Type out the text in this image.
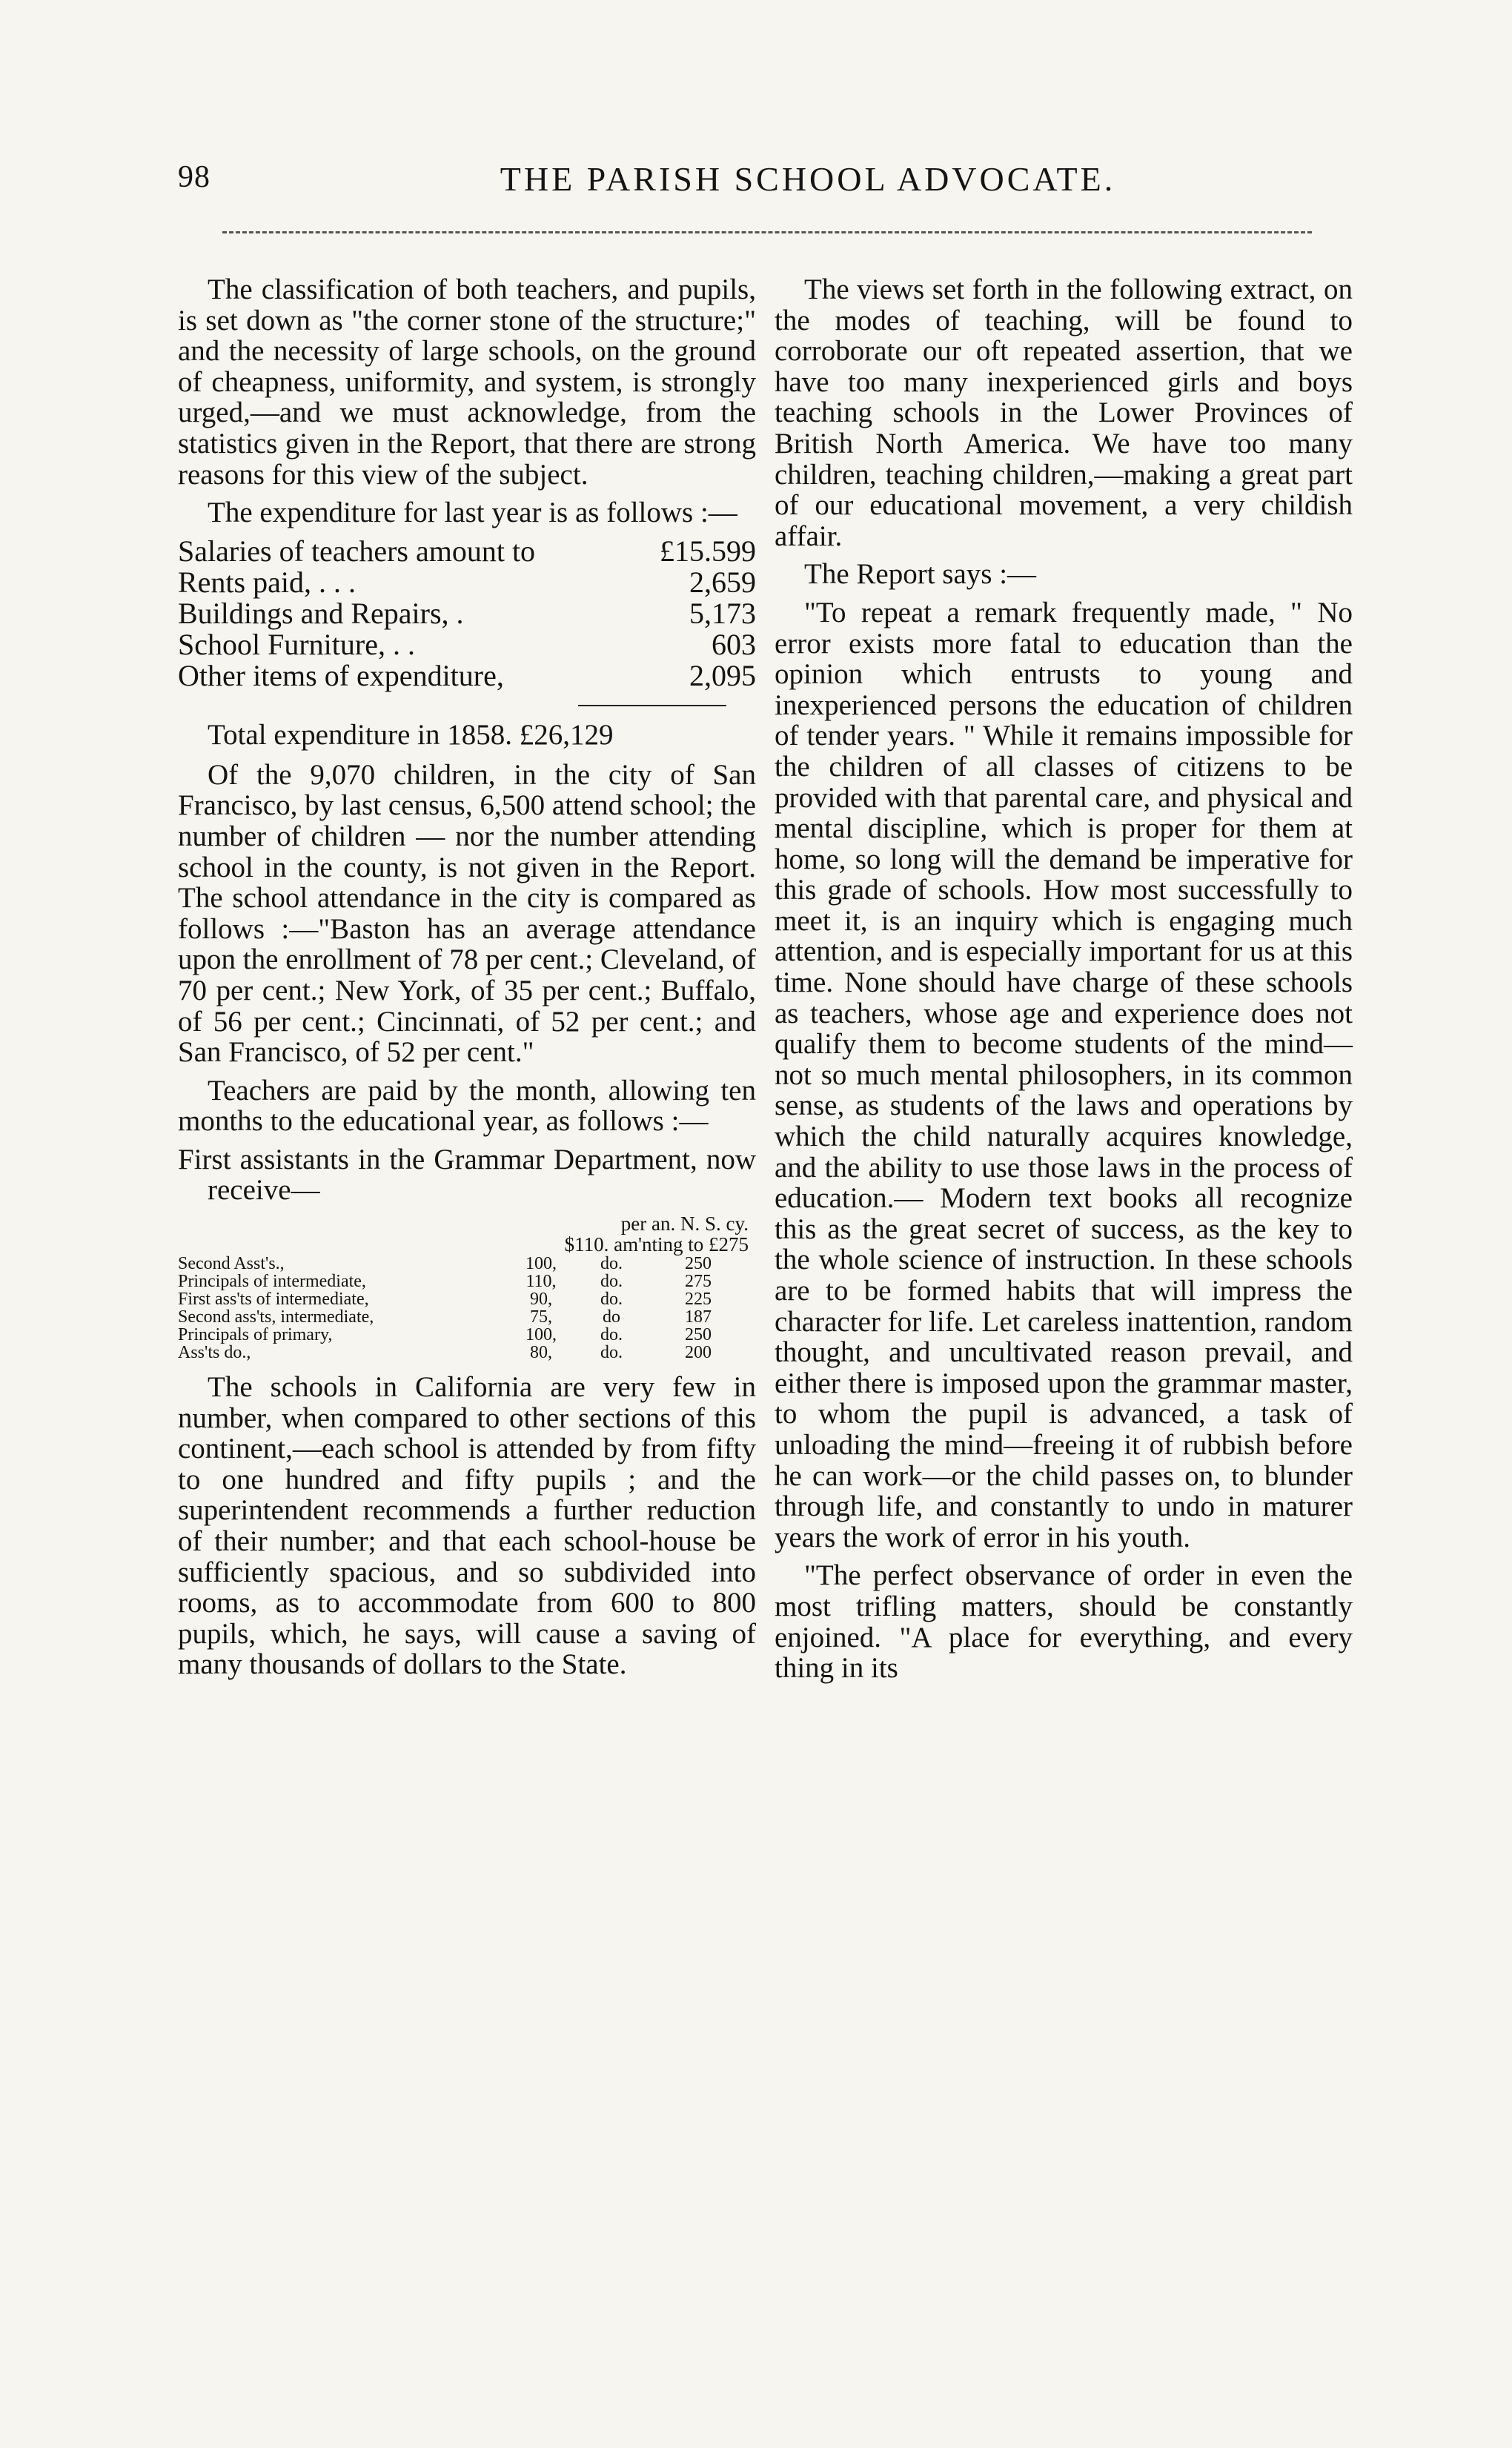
98	THE PARISH SCHOOL ADVOCATE.

The classification of both teachers, and pupils, is set down as "the corner stone of the structure;" and the necessity of large schools, on the ground of cheapness, uniformity, and system, is strongly urged,—and we must acknowledge, from the statistics given in the Report, that there are strong reasons for this view of the subject.

The expenditure for last year is as follows :—

Salaries of teachers amount to	£15.599
Rents paid, . . .	2,659
Buildings and Repairs, .	5,173
School Furniture, . .	603
Other items of expenditure,	2,095
Total expenditure in 1858. £26,129

Of the 9,070 children, in the city of San Francisco, by last census, 6,500 attend school; the number of children — nor the number attending school in the county, is not given in the Report. The school attendance in the city is compared as follows :—"Baston has an average attendance upon the enrollment of 78 per cent.; Cleveland, of 70 per cent.; New York, of 35 per cent.; Buffalo, of 56 per cent.; Cincinnati, of 52 per cent.; and San Francisco, of 52 per cent."

Teachers are paid by the month, allowing ten months to the educational year, as follows :—

First assistants in the Grammar Department, now receive—

per an. N. S. cy.
$110. am'nting to £275
Second Asst's.,	100,	do.	250
Principals of intermediate,	110,	do.	275
First ass'ts of intermediate,	90,	do.	225
Second ass'ts, intermediate,	75,	do	187
Principals of primary,	100,	do.	250
Ass'ts do.,	80,	do.	200

The schools in California are very few in number, when compared to other sections of this continent,—each school is attended by from fifty to one hundred and fifty pupils ; and the superintendent recommends a further reduction of their number; and that each school-house be sufficiently spacious, and so subdivided into rooms, as to accommodate from 600 to 800 pupils, which, he says, will cause a saving of many thousands of dollars to the State.

The views set forth in the following extract, on the modes of teaching, will be found to corroborate our oft repeated assertion, that we have too many inexperienced girls and boys teaching schools in the Lower Provinces of British North America. We have too many children, teaching children,—making a great part of our educational movement, a very childish affair.

The Report says :—

"To repeat a remark frequently made, " No error exists more fatal to education than the opinion which entrusts to young and inexperienced persons the education of children of tender years. " While it remains impossible for the children of all classes of citizens to be provided with that parental care, and physical and mental discipline, which is proper for them at home, so long will the demand be imperative for this grade of schools. How most successfully to meet it, is an inquiry which is engaging much attention, and is especially important for us at this time. None should have charge of these schools as teachers, whose age and experience does not qualify them to become students of the mind—not so much mental philosophers, in its common sense, as students of the laws and operations by which the child naturally acquires knowledge, and the ability to use those laws in the process of education.— Modern text books all recognize this as the great secret of success, as the key to the whole science of instruction. In these schools are to be formed habits that will impress the character for life. Let careless inattention, random thought, and uncultivated reason prevail, and either there is imposed upon the grammar master, to whom the pupil is advanced, a task of unloading the mind—freeing it of rubbish before he can work—or the child passes on, to blunder through life, and constantly to undo in maturer years the work of error in his youth.

"The perfect observance of order in even the most trifling matters, should be constantly enjoined. "A place for everything, and every thing in its
